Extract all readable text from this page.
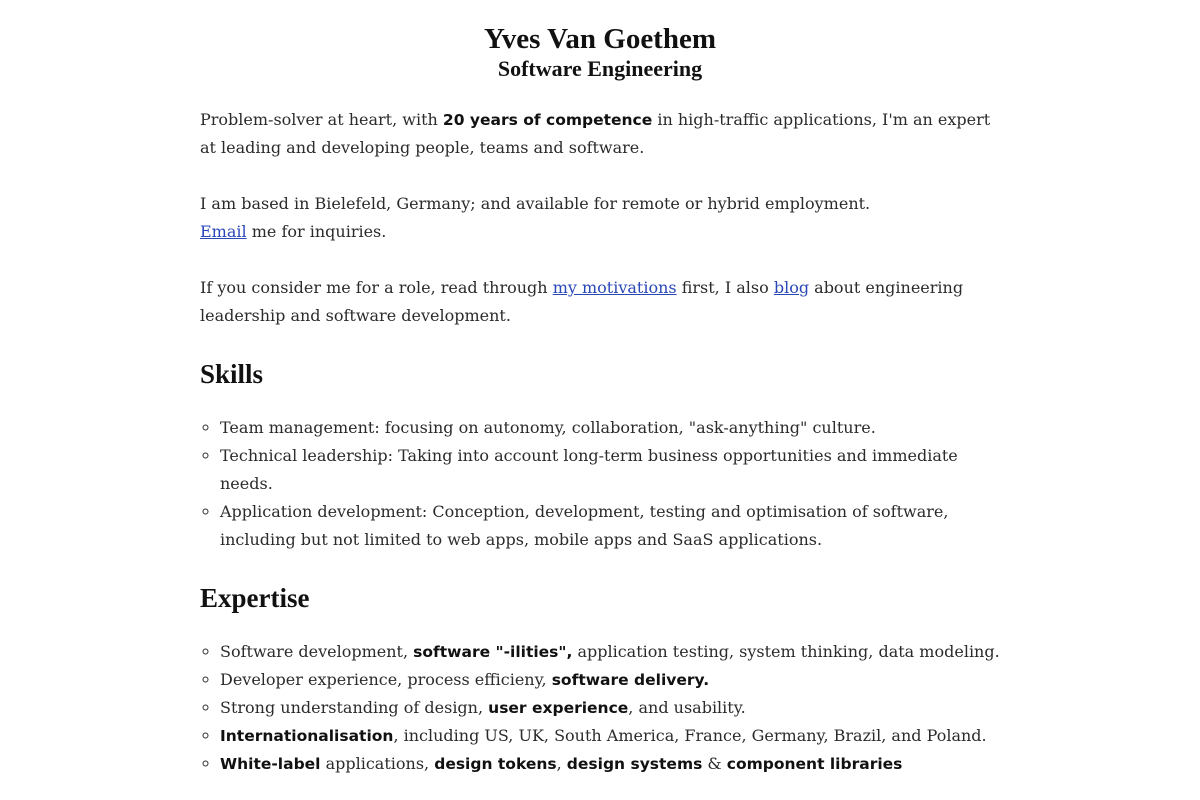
Yves Van Goethem
Software Engineering

Problem-solver at heart, with 20 years of competence in high-traffic applications, I'm an expert at leading and developing people, teams and software.

I am based in Bielefeld, Germany; and available for remote or hybrid employment.
Email me for inquiries.

If you consider me for a role, read through my motivations first, I also blog about engineering leadership and software development.

Skills
◦ Team management: focusing on autonomy, collaboration, "ask-anything" culture.
◦ Technical leadership: Taking into account long-term business opportunities and immediate needs.
◦ Application development: Conception, development, testing and optimisation of software, including but not limited to web apps, mobile apps and SaaS applications.
Expertise
◦ Software development, software "-ilities", application testing, system thinking, data modeling.
◦ Developer experience, process efficieny, software delivery.
◦ Strong understanding of design, user experience, and usability.
◦ Internationalisation, including US, UK, South America, France, Germany, Brazil, and Poland.
◦ White-label applications, design tokens, design systems & component libraries
